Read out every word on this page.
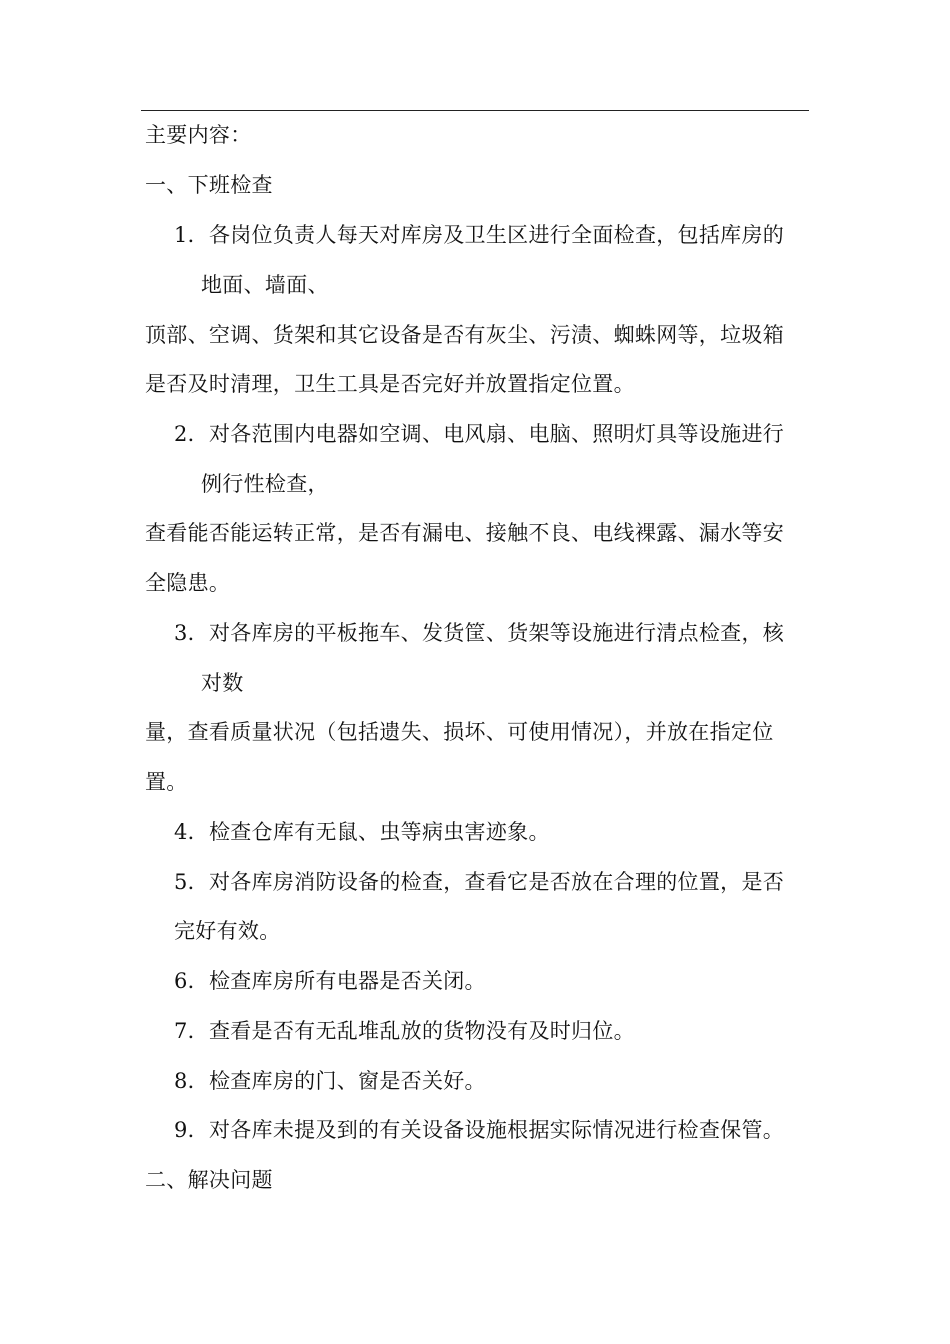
主要内容：
一、下班检查
1．各岗位负责人每天对库房及卫生区进行全面检查，包括库房的
地面、墙面、
顶部、空调、货架和其它设备是否有灰尘、污渍、蜘蛛网等，垃圾箱
是否及时清理，卫生工具是否完好并放置指定位置。
2．对各范围内电器如空调、电风扇、电脑、照明灯具等设施进行
例行性检查，
查看能否能运转正常，是否有漏电、接触不良、电线裸露、漏水等安
全隐患。
3．对各库房的平板拖车、发货筐、货架等设施进行清点检查，核
对数
量，查看质量状况（包括遗失、损坏、可使用情况），并放在指定位
置。
4．检查仓库有无鼠、虫等病虫害迹象。
5．对各库房消防设备的检查，查看它是否放在合理的位置，是否
完好有效。
6．检查库房所有电器是否关闭。
7．查看是否有无乱堆乱放的货物没有及时归位。
8．检查库房的门、窗是否关好。
9．对各库未提及到的有关设备设施根据实际情况进行检查保管。
二、解决问题
